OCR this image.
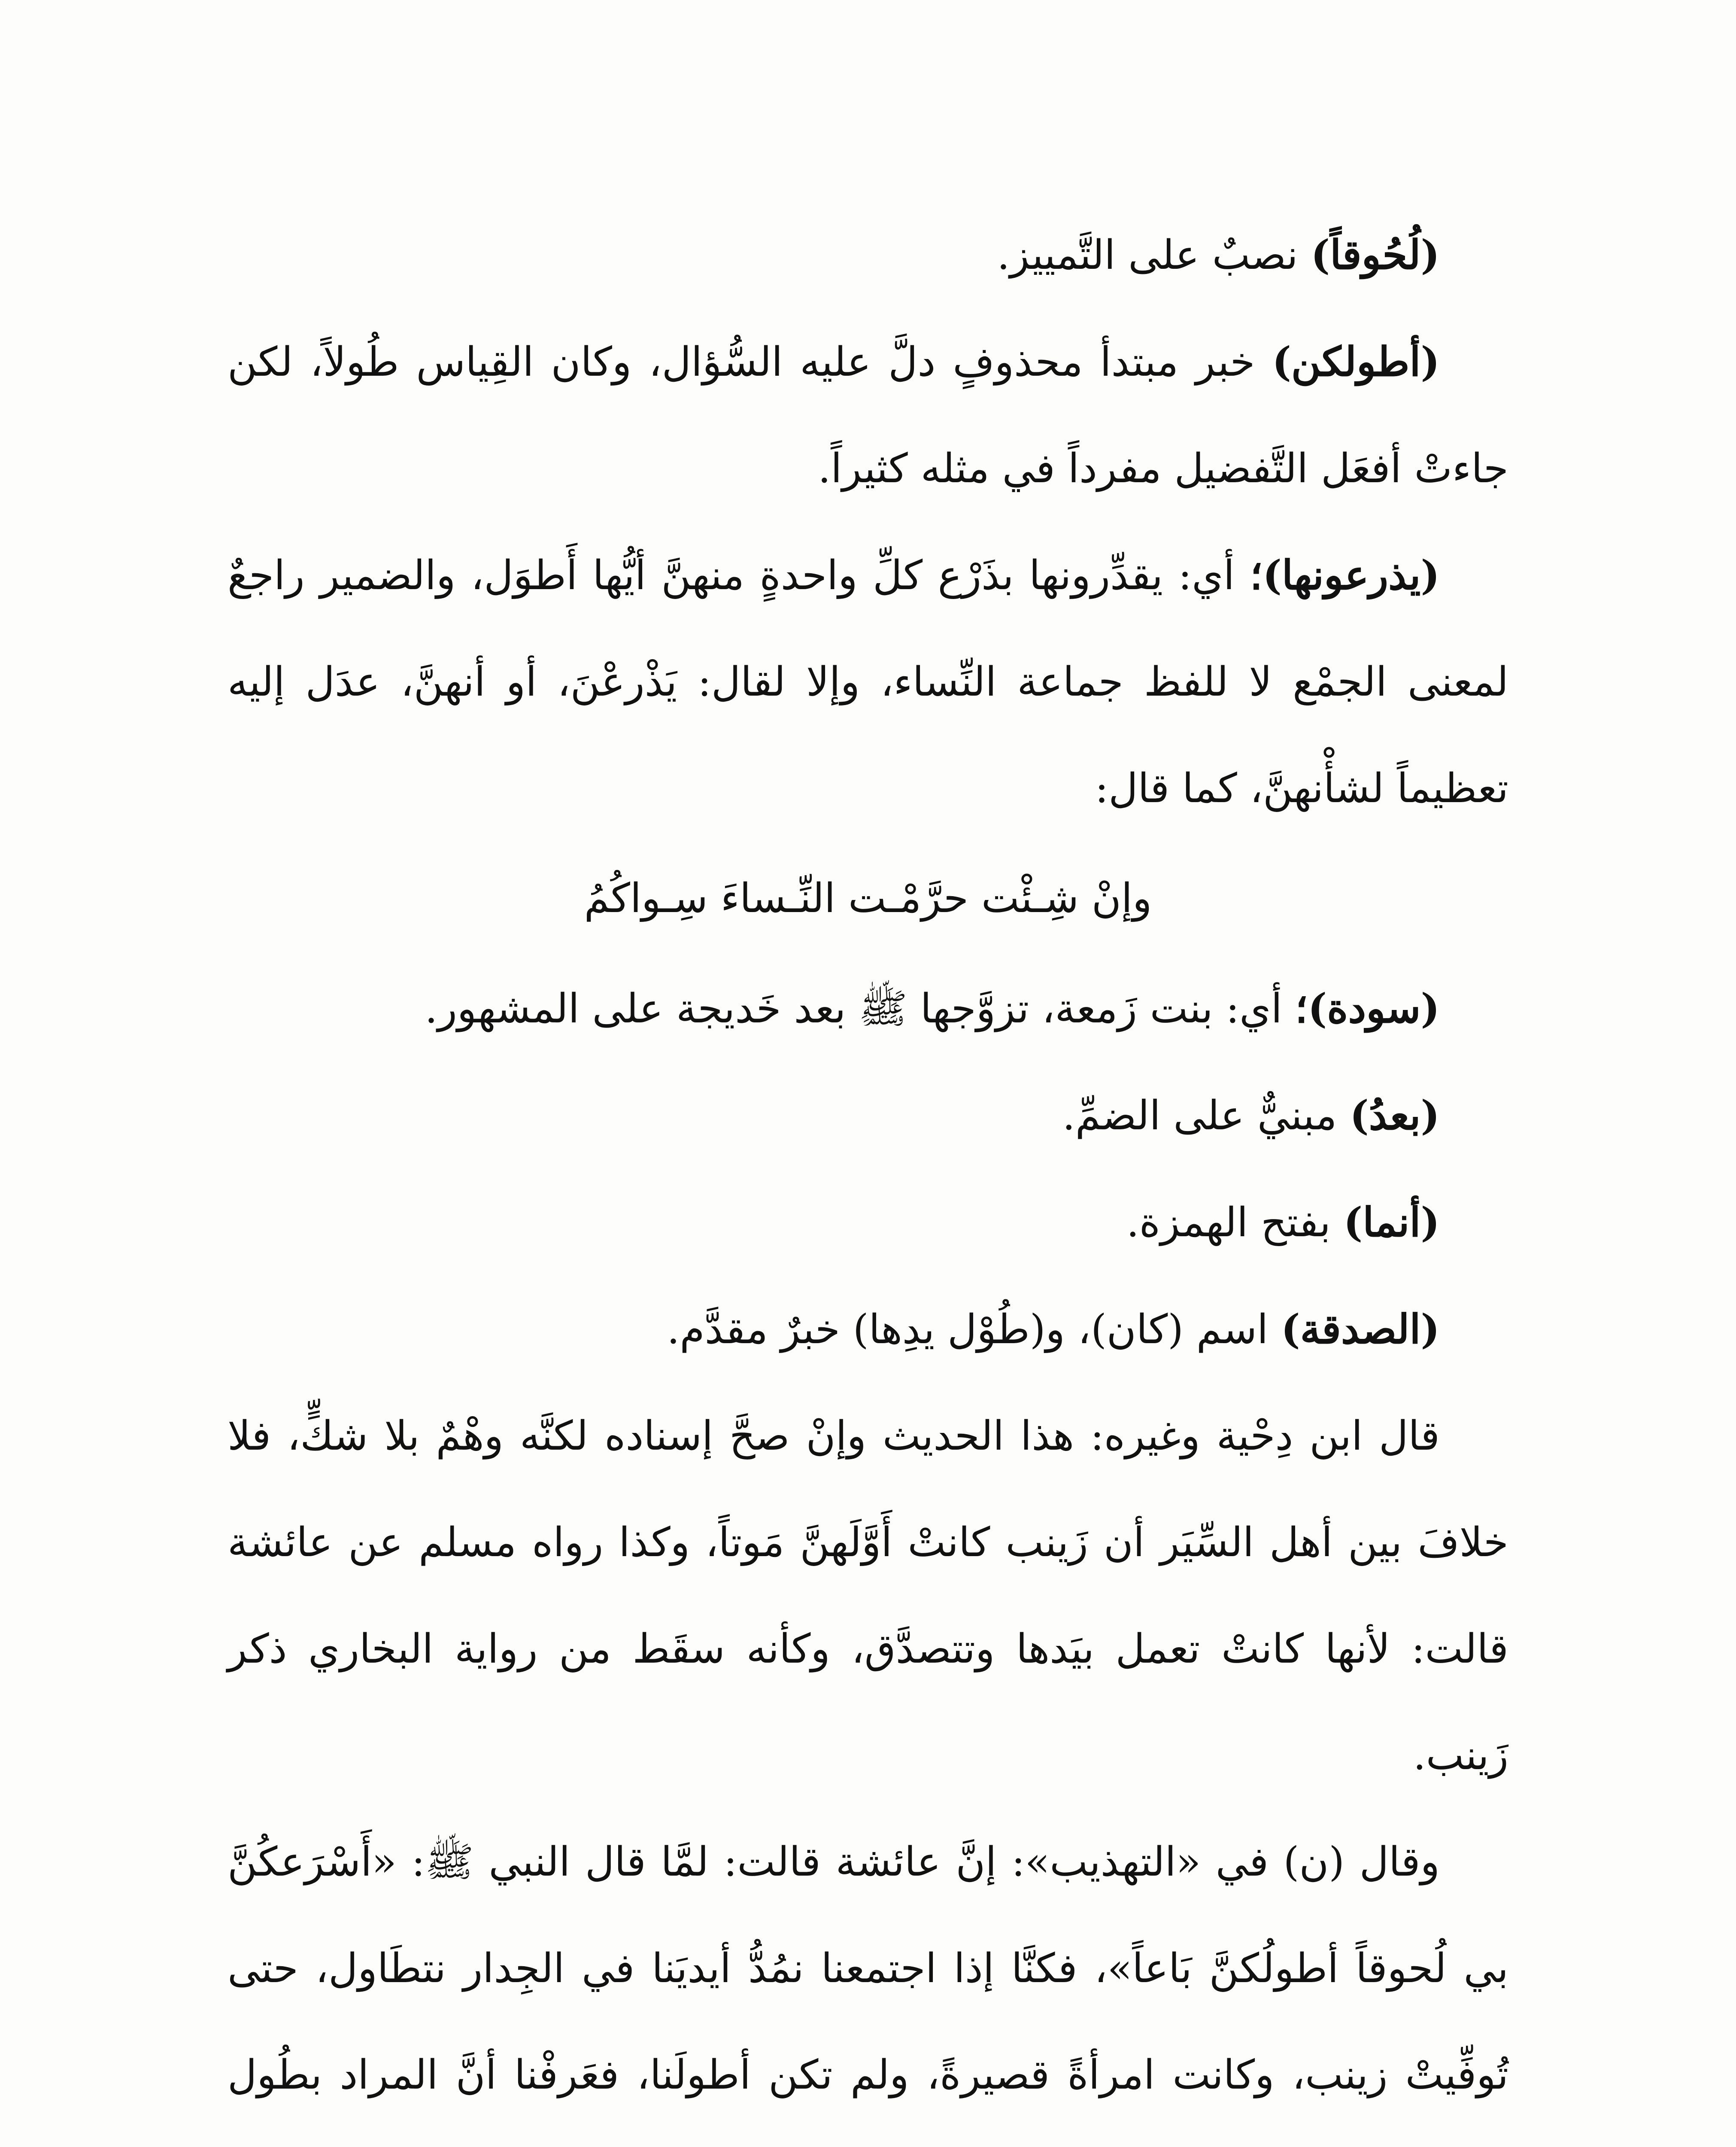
(لُحُوقاً) نصبٌ على التَّمييز.

(أطولكن) خبر مبتدأ محذوفٍ دلَّ عليه السُّؤال، وكان القِياس طُولاً، لكن جاءتْ أفعَل التَّفضيل مفرداً في مثله كثيراً.

(يذرعونها)؛ أي: يقدِّرونها بذَرْع كلِّ واحدةٍ منهنَّ أيُّها أَطوَل، والضمير راجعٌ لمعنى الجمْع لا للفظ جماعة النِّساء، وإلا لقال: يَذْرعْنَ، أو أنهنَّ، عدَل إليه تعظيماً لشأْنهنَّ، كما قال:

وإنْ شِـئْت حرَّمْـت النِّـساءَ سِـواكُمُ

(سودة)؛ أي: بنت زَمعة، تزوَّجها ﷺ بعد خَديجة على المشهور.

(بعدُ) مبنيٌّ على الضمِّ.

(أنما) بفتح الهمزة.

(الصدقة) اسم (كان)، و(طُوْل يدِها) خبرٌ مقدَّم.

قال ابن دِحْية وغيره: هذا الحديث وإنْ صحَّ إسناده لكنَّه وهْمٌ بلا شكٍّ، فلا خلافَ بين أهل السِّيَر أن زَينب كانتْ أَوَّلَهنَّ مَوتاً، وكذا رواه مسلم عن عائشة قالت: لأنها كانتْ تعمل بيَدها وتتصدَّق، وكأنه سقَط من رواية البخاري ذكر زَينب.

وقال (ن) في «التهذيب»: إنَّ عائشة قالت: لمَّا قال النبي ﷺ: «أَسْرَعكُنَّ بي لُحوقاً أطولُكنَّ بَاعاً»، فكنَّا إذا اجتمعنا نمُدُّ أيديَنا في الجِدار نتطَاول، حتى تُوفِّيتْ زينب، وكانت امرأةً قصيرةً، ولم تكن أطولَنا، فعَرفْنا أنَّ المراد بطُول
